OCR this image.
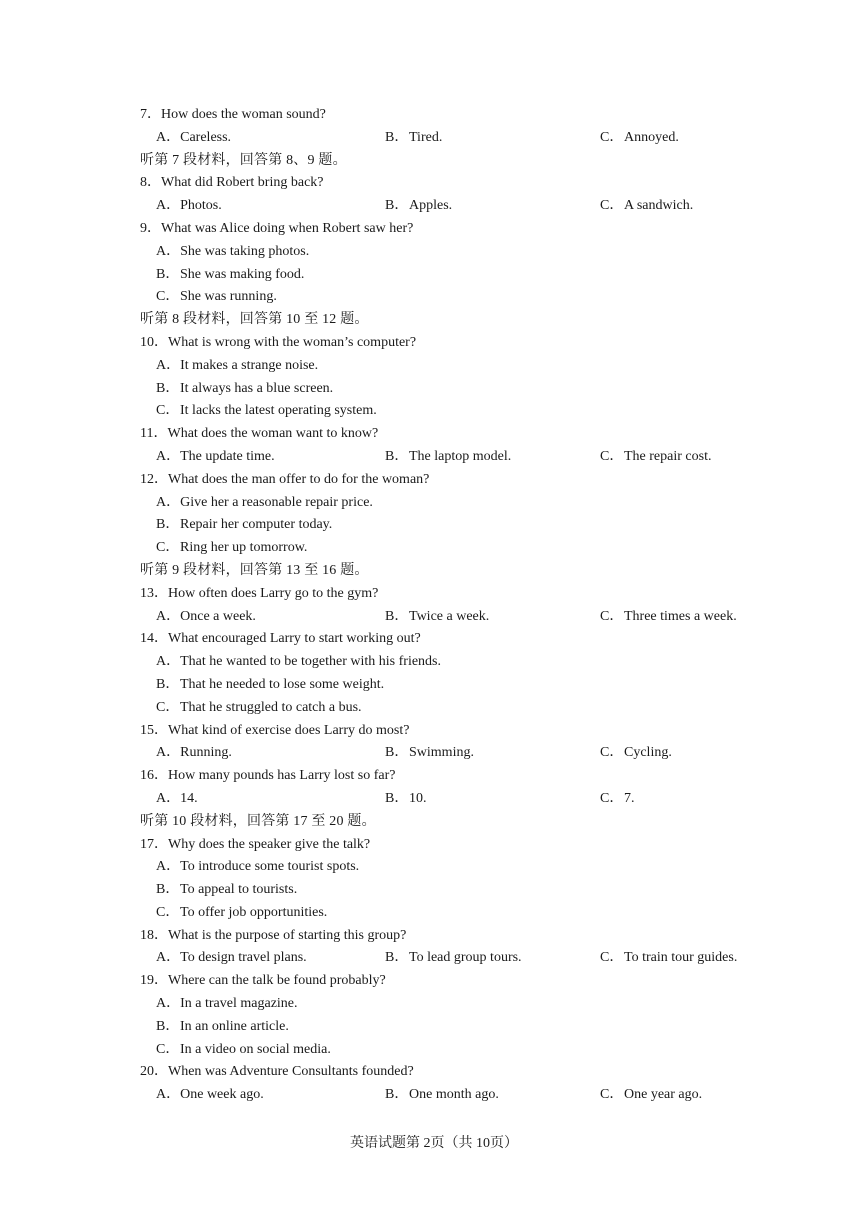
7．How does the woman sound?
A．Careless.	B．Tired.	C．Annoyed.
听第 7 段材料，回答第 8、9 题。
8．What did Robert bring back?
A．Photos.	B．Apples.	C．A sandwich.
9．What was Alice doing when Robert saw her?
A．She was taking photos.
B．She was making food.
C．She was running.
听第 8 段材料，回答第 10 至 12 题。
10．What is wrong with the woman’s computer?
A．It makes a strange noise.
B．It always has a blue screen.
C．It lacks the latest operating system.
11．What does the woman want to know?
A．The update time.	B．The laptop model.	C．The repair cost.
12．What does the man offer to do for the woman?
A．Give her a reasonable repair price.
B．Repair her computer today.
C．Ring her up tomorrow.
听第 9 段材料，回答第 13 至 16 题。
13．How often does Larry go to the gym?
A．Once a week.	B．Twice a week.	C．Three times a week.
14．What encouraged Larry to start working out?
A．That he wanted to be together with his friends.
B．That he needed to lose some weight.
C．That he struggled to catch a bus.
15．What kind of exercise does Larry do most?
A．Running.	B．Swimming.	C．Cycling.
16．How many pounds has Larry lost so far?
A．14.	B．10.	C．7.
听第 10 段材料，回答第 17 至 20 题。
17．Why does the speaker give the talk?
A．To introduce some tourist spots.
B．To appeal to tourists.
C．To offer job opportunities.
18．What is the purpose of starting this group?
A．To design travel plans.	B．To lead group tours.	C．To train tour guides.
19．Where can the talk be found probably?
A．In a travel magazine.
B．In an online article.
C．In a video on social media.
20．When was Adventure Consultants founded?
A．One week ago.	B．One month ago.	C．One year ago.
英语试题第 2页（共 10页）
